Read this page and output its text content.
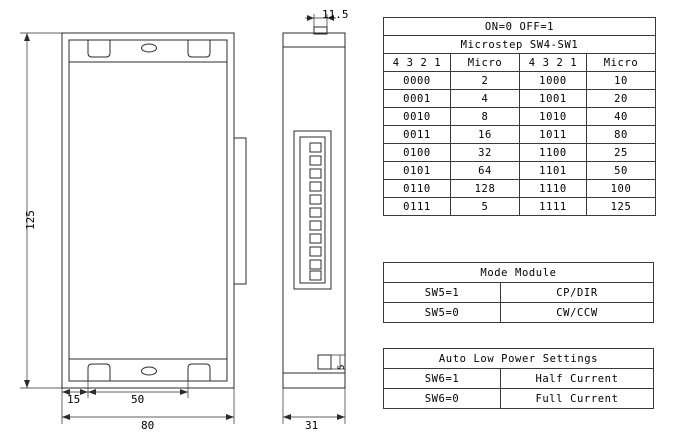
125
80
15	50
11.5
31
5
ON=0 OFF=1			
Microstep SW4-SW1			
4 3 2 1	Micro	4 3 2 1	Micro
0000	2	1000	10
0001	4	1001	20
0010	8	1010	40
0011	16	1011	80
0100	32	1100	25
0101	64	1101	50
0110	128	1110	100
0111	5	1111	125
Mode Module	
SW5=1	CP/DIR
SW5=0	CW/CCW
Auto Low Power Settings	
SW6=1	Half Current
SW6=0	Full Current
